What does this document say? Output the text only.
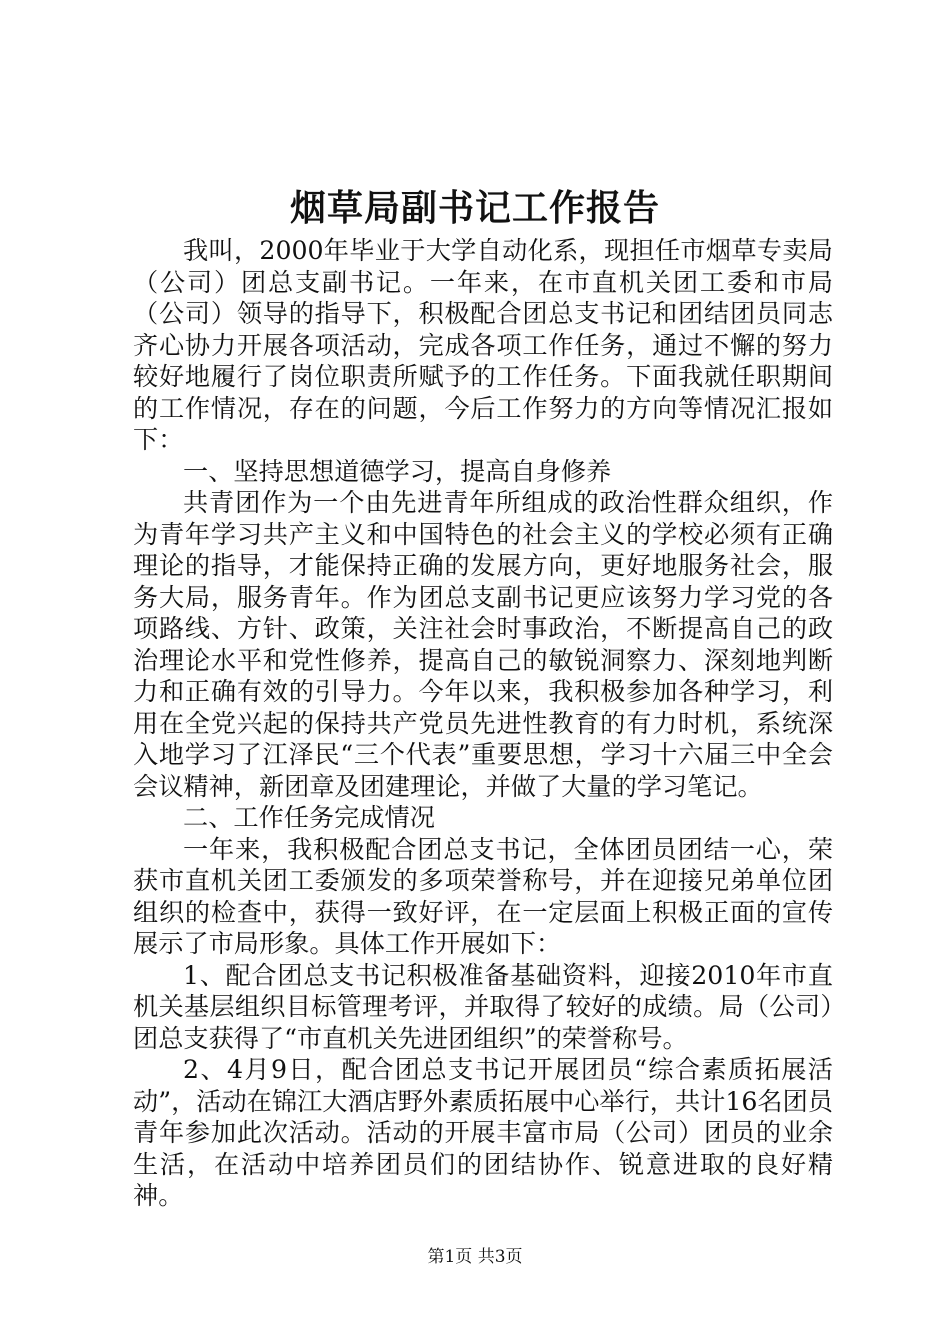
烟草局副书记工作报告

我叫，2000年毕业于大学自动化系，现担任市烟草专卖局（公司）团总支副书记。一年来，在市直机关团工委和市局（公司）领导的指导下，积极配合团总支书记和团结团员同志齐心协力开展各项活动，完成各项工作任务，通过不懈的努力较好地履行了岗位职责所赋予的工作任务。下面我就任职期间的工作情况，存在的问题，今后工作努力的方向等情况汇报如下：

一、坚持思想道德学习，提高自身修养

共青团作为一个由先进青年所组成的政治性群众组织，作为青年学习共产主义和中国特色的社会主义的学校必须有正确理论的指导，才能保持正确的发展方向，更好地服务社会，服务大局，服务青年。作为团总支副书记更应该努力学习党的各项路线、方针、政策，关注社会时事政治，不断提高自己的政治理论水平和党性修养，提高自己的敏锐洞察力、深刻地判断力和正确有效的引导力。今年以来，我积极参加各种学习，利用在全党兴起的保持共产党员先进性教育的有力时机，系统深入地学习了江泽民“三个代表”重要思想，学习十六届三中全会会议精神，新团章及团建理论，并做了大量的学习笔记。

二、工作任务完成情况

一年来，我积极配合团总支书记，全体团员团结一心，荣获市直机关团工委颁发的多项荣誉称号，并在迎接兄弟单位团组织的检查中，获得一致好评，在一定层面上积极正面的宣传展示了市局形象。具体工作开展如下：

1、配合团总支书记积极准备基础资料，迎接2010年市直机关基层组织目标管理考评，并取得了较好的成绩。局（公司）团总支获得了“市直机关先进团组织”的荣誉称号。

2、4月9日，配合团总支书记开展团员“综合素质拓展活动”，活动在锦江大酒店野外素质拓展中心举行，共计16名团员青年参加此次活动。活动的开展丰富市局（公司）团员的业余生活，在活动中培养团员们的团结协作、锐意进取的良好精神。

第1页 共3页
